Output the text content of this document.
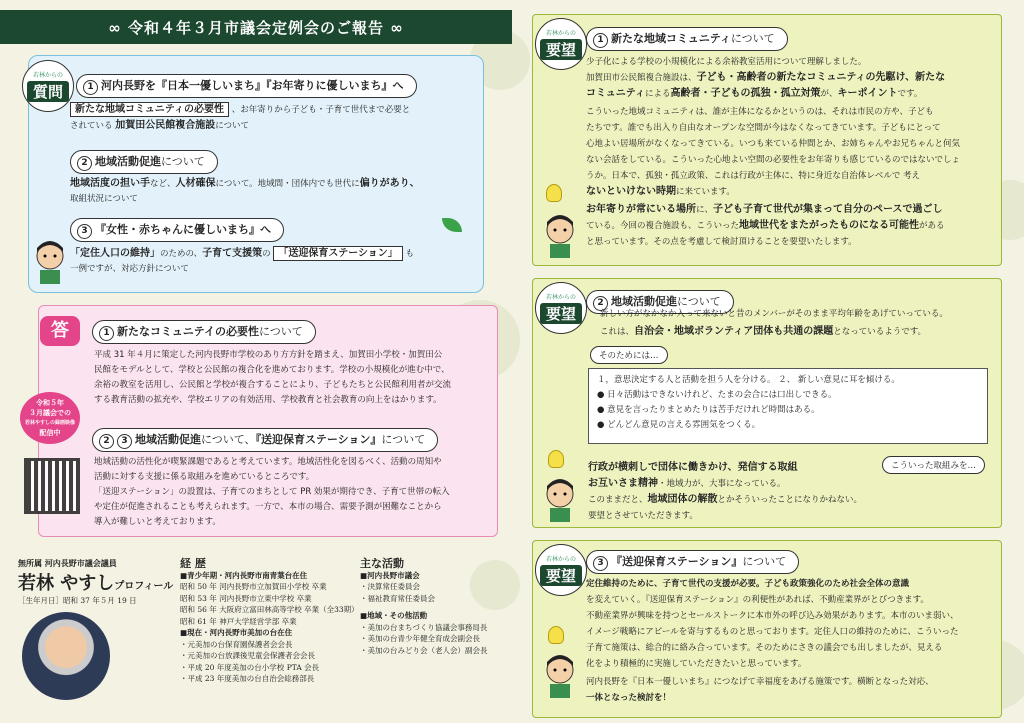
∞ 令和４年３月市議会定例会のご報告 ∞
若林からの
質問	1 河内長野を『日本一優しいまち』『お年寄りに優しいまち』へ
新たな地域コミュニティの必要性 、お年寄りから子ども・子育て世代まで必要と
されている 加賀田公民館複合施設について
2 地域活動促進について
地域活度の担い手など、人材確保について。地域間・団体内でも世代に偏りがあり、
取組状況について
3 『女性・赤ちゃんに優しいまち』へ
「定住人口の維持」のための、子育て支援策の 「送迎保育ステーション」 も
一例ですが、対応方針について
答	1 新たなコミュニテイの必要性について
平成 31 年４月に策定した河内長野市学校のあり方方針を踏まえ、加賀田小学校・加賀田公
民館をモデルとして、学校と公民館の複合化を進めております。学校の小規模化が進む中で、
余裕の教室を活用し、公民館と学校が複合することにより、子どもたちと公民館利用者が交流
する教育活動の拡充や、学校エリアの有効活用、学校教育と社会教育の向上をはかります。
令和５年
３月議会での
若林やすしの録画映像
配信中
2 3 地域活動促進について、『送迎保育ステーション』について
地域活動の活性化が喫緊課題であると考えています。地域活性化を図るべく、活動の周知や
活動に対する支援に係る取組みを進めているところです。
「送迎ステーション」の設置は、子育てのまちとして PR 効果が期待でき、子育て世帯の転入
や定住が促進されることも考えられます。一方で、本市の場合、需要予測が困難なことから
導入が難しいと考えております。
無所属 河内長野市議会議員
若林 やすしプロフィール
［生年月日］昭和 37 年５月 19 日
経 歴
■青少年期・河内長野市南青葉台在住
昭和 50 年 河内長野市立加賀田小学校 卒業
昭和 53 年 河内長野市立東中学校 卒業
昭和 56 年 大阪府立富田林高等学校 卒業（全33期）
昭和 61 年 神戸大学経営学部 卒業
■現在・河内長野市美加の台在住
・元美加の台保育園保護者会会長
・元美加の台放課後児童会保護者会会長
・平成 20 年度美加の台小学校 PTA 会長
・平成 23 年度美加の台自治会総務部長
主な活動
■河内長野市議会
・決算常任委員会
・福祉教育常任委員会
■地域・その他活動
・美加の台まちづくり協議会事務局長
・美加の台青少年健全育成会副会長
・美加の台みどり会（老人会）副会長
若林からの
要望
1 新たな地域コミュニティについて
少子化による学校の小規模化による余裕教室活用について理解しました。
加賀田市公民館複合施設は、子ども・高齢者の新たなコミュニティの先駆け、新たな
コミュニティによる高齢者・子どもの孤独・孤立対策が、キーポイントです。
こういった地域コミュニティは、誰が主体になるかというのは、それは市民の方や、子ども
たちです。誰でも出入り自由なオープンな空間が今はなくなってきています。子どもにとって
心地よい居場所がなくなってきている。いつも来ている仲間とか、お姉ちゃんやお兄ちゃんと何気
ない会話をしている。こういった心地よい空間の必要性をお年寄りも感じているのではないでしょ
うか。日本で、孤独・孤立政策、これは行政が主体に、特に身近な自治体レベルで 考え
ないといけない時期に来ています。
お年寄りが常にいる場所に、子ども子育て世代が集まって自分のペースで過ごし
ている。今回の複合施設も、こういった地域世代をまたがったものになる可能性がある
と思っています。その点を考慮して検討頂けることを要望いたします。
若林からの
要望
2 地域活動促進について
新しい方がなかなか入って来ないと昔のメンバーがそのまま平均年齢をあげていっている。
これは、自治会・地域ボランティア団体も共通の課題となっているようです。
そのためには…
１，意思決定する人と活動を担う人を分ける。 ２、 新しい意見に耳を傾ける。
● 日々活動はできないけれど、たまの会合には口出しできる。
● 意見を言ったりまとめたりは苦手だけれど時間はある。
● どんどん意見の言える雰囲気をつくる。
こういった取組みを…
行政が横刺しで団体に働きかけ、発信する取組
お互いさま精神・地域力が、大事になっている。
このままだと、地域団体の解散とかそういったことになりかねない。
要望とさせていただきます。
若林からの
要望
3 『送迎保育ステーション』について
定住維持のために、子育て世代の支援が必要。子ども政策強化のため社会全体の意識
を変えていく。『送迎保育ステーション』の利便性があれば、不動産業界がとびつきます。
不動産業界が興味を持つとセールストークに本市外の呼び込み効果があります。本市のいま弱い、
イメージ戦略にアピールを寄与するものと思っております。定住人口の維持のために、こういった
子育て施策は、総合的に絡み合っています。そのためにさきの議会でも出しましたが、見える
化をより積極的に実施していただきたいと思っています。
河内長野を『日本一優しいまち』につなげて幸福度をあげる施策です。横断となった対応、
一体となった検討を！
